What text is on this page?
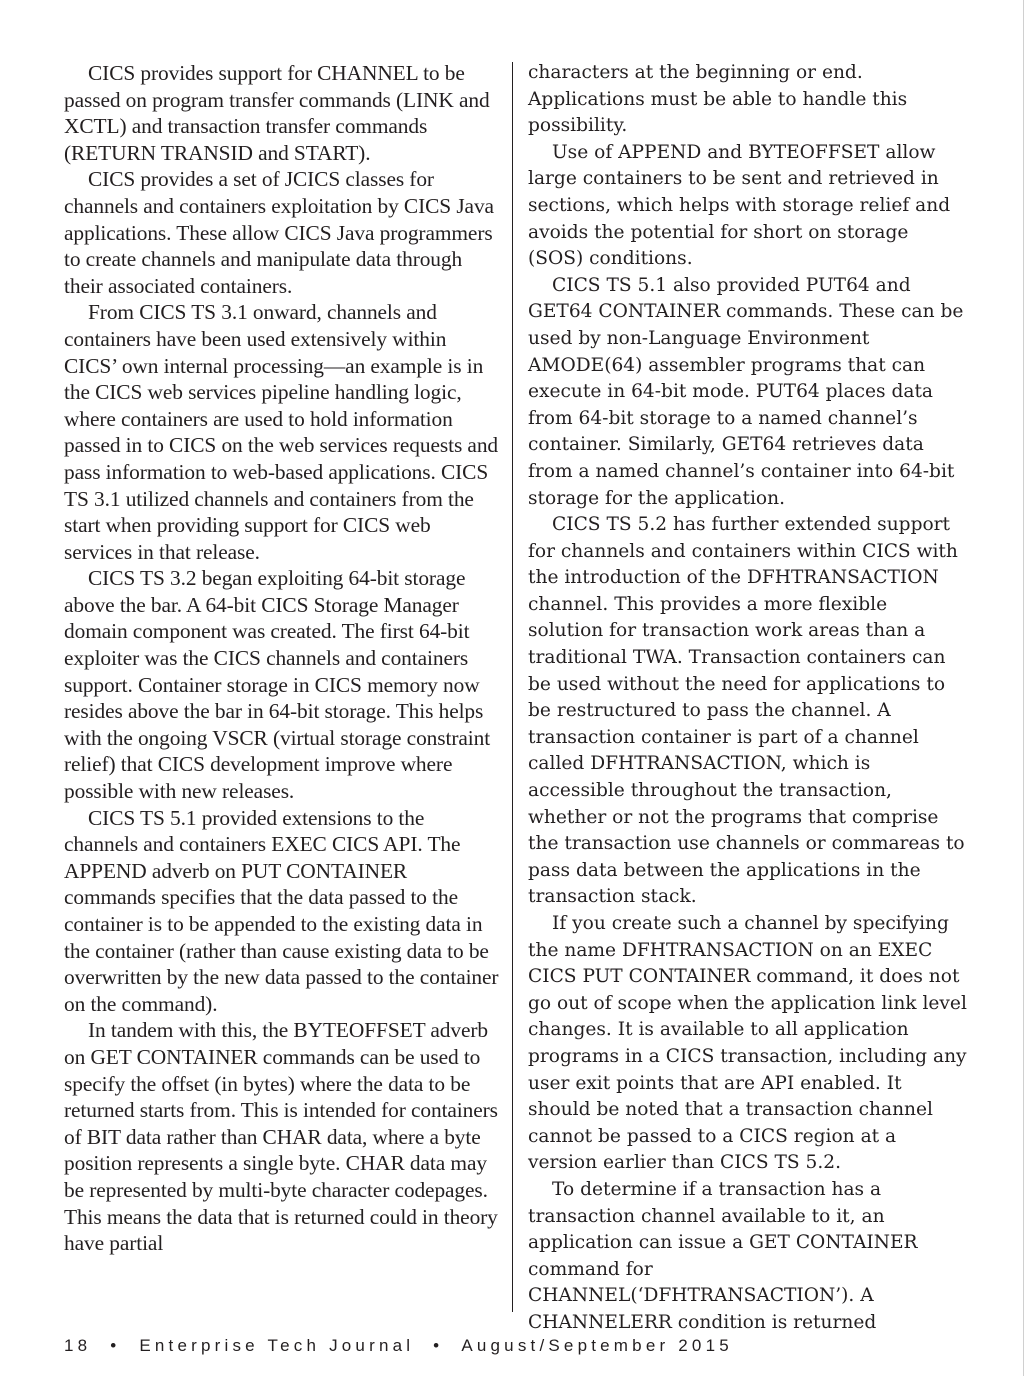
CICS provides support for CHANNEL to be passed on program transfer commands (LINK and XCTL) and transaction transfer commands (RETURN TRANSID and START).

CICS provides a set of JCICS classes for channels and containers exploitation by CICS Java applications. These allow CICS Java programmers to create channels and manipulate data through their associated containers.

From CICS TS 3.1 onward, channels and containers have been used extensively within CICS’ own internal processing—an example is in the CICS web services pipeline handling logic, where containers are used to hold information passed in to CICS on the web services requests and pass information to web-based applications. CICS TS 3.1 utilized channels and containers from the start when providing support for CICS web services in that release.

CICS TS 3.2 began exploiting 64-bit storage above the bar. A 64-bit CICS Storage Manager domain component was created. The first 64-bit exploiter was the CICS channels and containers support. Container storage in CICS memory now resides above the bar in 64-bit storage. This helps with the ongoing VSCR (virtual storage constraint relief) that CICS development improve where possible with new releases.

CICS TS 5.1 provided extensions to the channels and containers EXEC CICS API. The APPEND adverb on PUT CONTAINER commands specifies that the data passed to the container is to be appended to the existing data in the container (rather than cause existing data to be overwritten by the new data passed to the container on the command).

In tandem with this, the BYTEOFFSET adverb on GET CONTAINER commands can be used to specify the offset (in bytes) where the data to be returned starts from. This is intended for containers of BIT data rather than CHAR data, where a byte position represents a single byte. CHAR data may be represented by multi-byte character codepages. This means the data that is returned could in theory have partial

characters at the beginning or end. Applications must be able to handle this possibility.

Use of APPEND and BYTEOFFSET allow large containers to be sent and retrieved in sections, which helps with storage relief and avoids the potential for short on storage (SOS) conditions.

CICS TS 5.1 also provided PUT64 and GET64 CONTAINER commands. These can be used by non-Language Environment AMODE(64) assembler programs that can execute in 64-bit mode. PUT64 places data from 64-bit storage to a named channel’s container. Similarly, GET64 retrieves data from a named channel’s container into 64-bit storage for the application.

CICS TS 5.2 has further extended support for channels and containers within CICS with the introduction of the DFHTRANSACTION channel. This provides a more flexible solution for transaction work areas than a traditional TWA. Transaction containers can be used without the need for applications to be restructured to pass the channel. A transaction container is part of a channel called DFHTRANSACTION, which is accessible throughout the transaction, whether or not the programs that comprise the transaction use channels or commareas to pass data between the applications in the transaction stack.

If you create such a channel by specifying the name DFHTRANSACTION on an EXEC CICS PUT CONTAINER command, it does not go out of scope when the application link level changes. It is available to all application programs in a CICS transaction, including any user exit points that are API enabled. It should be noted that a transaction channel cannot be passed to a CICS region at a version earlier than CICS TS 5.2.

To determine if a transaction has a transaction channel available to it, an application can issue a GET CONTAINER command for CHANNEL(‘DFHTRANSACTION’). A CHANNELERR condition is returned

18 • Enterprise Tech Journal • August/September 2015
